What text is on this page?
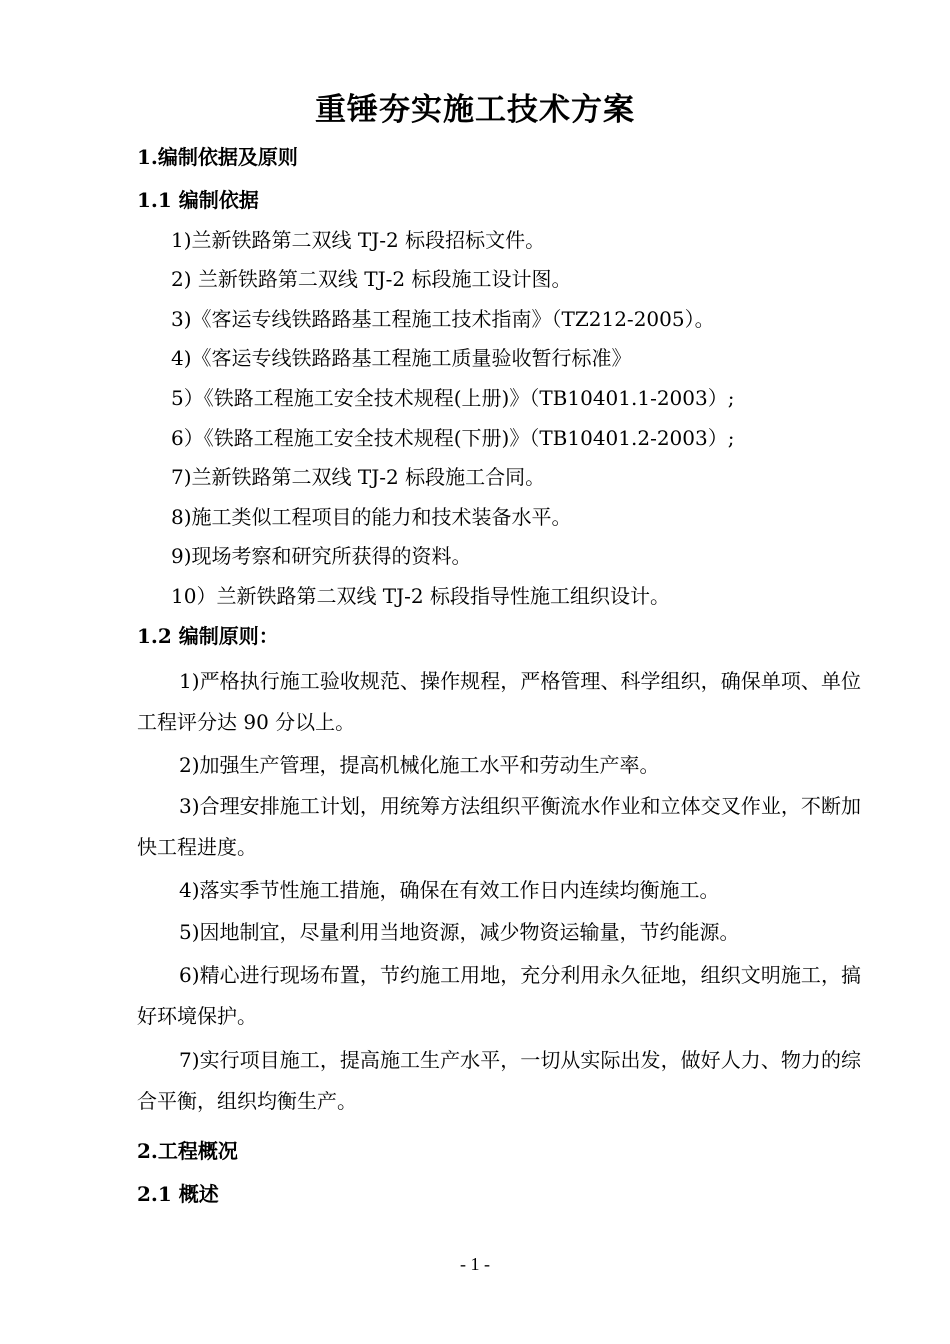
重锤夯实施工技术方案
1.编制依据及原则
1.1 编制依据
1)兰新铁路第二双线 TJ-2 标段招标文件。
2) 兰新铁路第二双线 TJ-2 标段施工设计图。
3)《客运专线铁路路基工程施工技术指南》（TZ212-2005）。
4)《客运专线铁路路基工程施工质量验收暂行标准》
5）《铁路工程施工安全技术规程(上册)》（TB10401.1-2003）;
6）《铁路工程施工安全技术规程(下册)》（TB10401.2-2003）;
7)兰新铁路第二双线 TJ-2 标段施工合同。
8)施工类似工程项目的能力和技术装备水平。
9)现场考察和研究所获得的资料。
10）兰新铁路第二双线 TJ-2 标段指导性施工组织设计。
1.2 编制原则：
1)严格执行施工验收规范、操作规程，严格管理、科学组织，确保单项、单位工程评分达 90 分以上。
2)加强生产管理，提高机械化施工水平和劳动生产率。
3)合理安排施工计划，用统筹方法组织平衡流水作业和立体交叉作业，不断加快工程进度。
4)落实季节性施工措施，确保在有效工作日内连续均衡施工。
5)因地制宜，尽量利用当地资源，减少物资运输量，节约能源。
6)精心进行现场布置，节约施工用地，充分利用永久征地，组织文明施工，搞好环境保护。
7)实行项目施工，提高施工生产水平，一切从实际出发，做好人力、物力的综合平衡，组织均衡生产。
2.工程概况
2.1 概述
- 1 -
